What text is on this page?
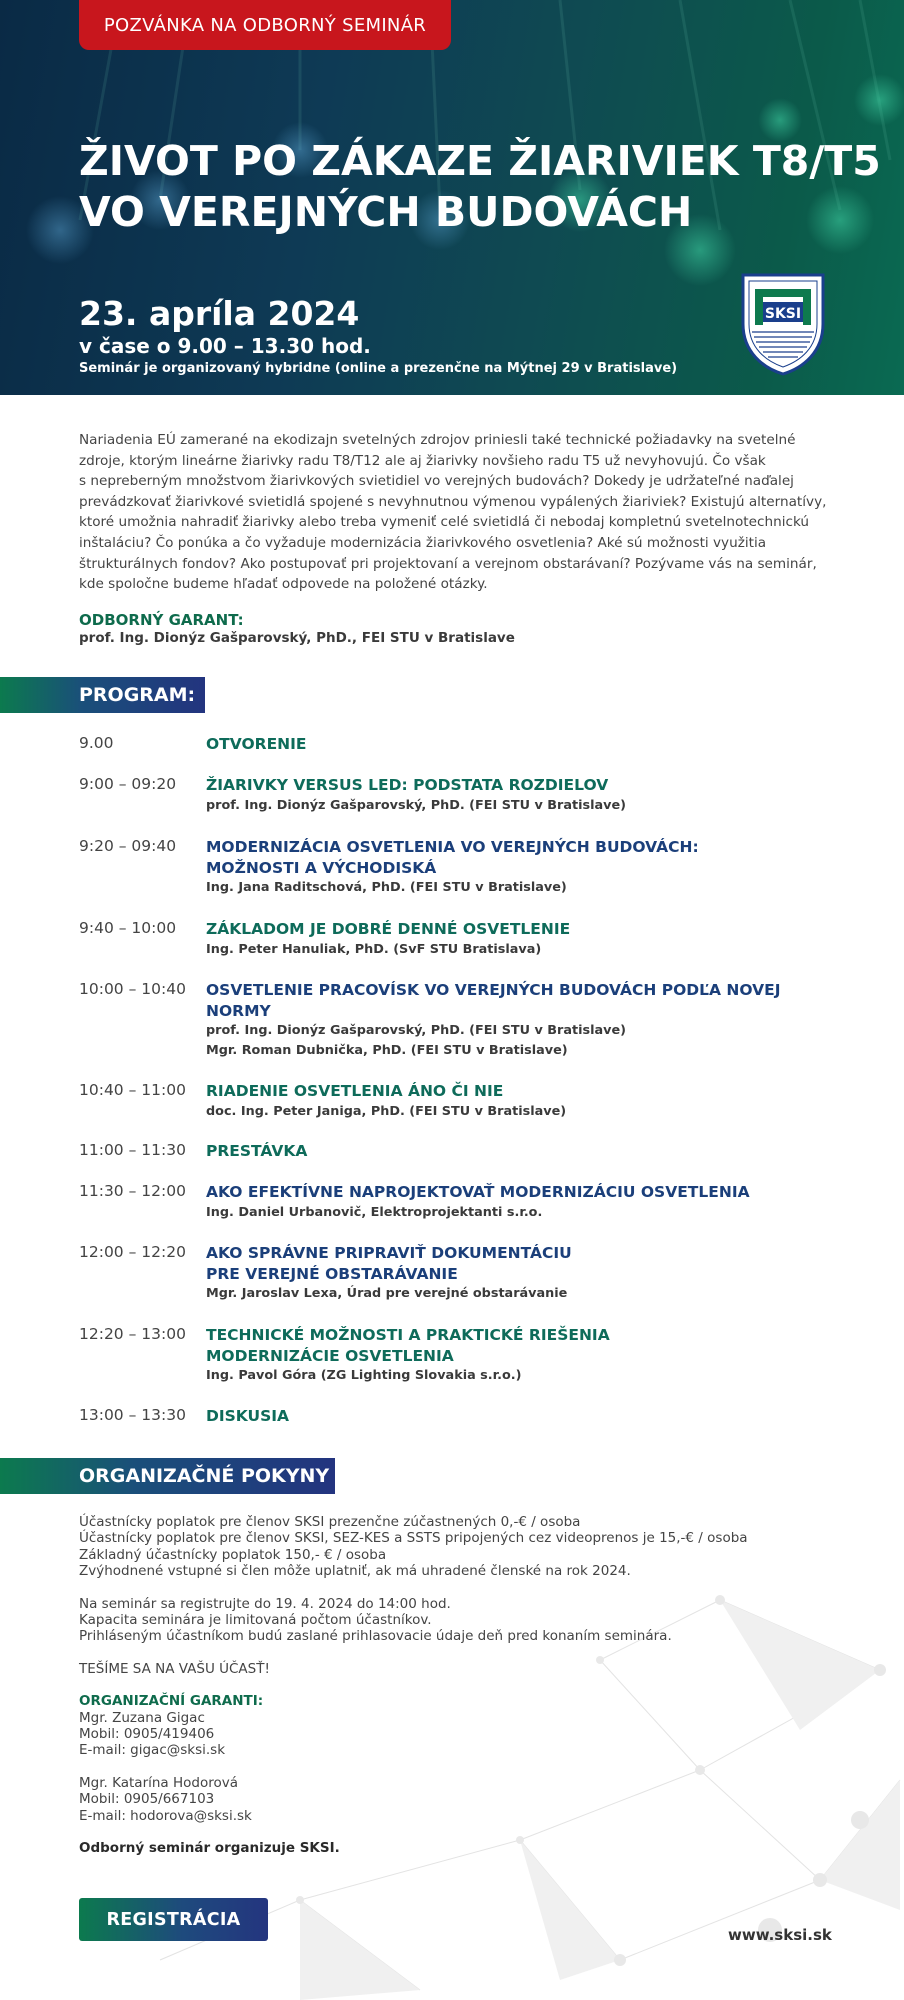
POZVÁNKA NA ODBORNÝ SEMINÁR
ŽIVOT PO ZÁKAZE ŽIARIVIEK T8/T5
VO VEREJNÝCH BUDOVÁCH
23. apríla 2024
v čase o 9.00 – 13.30 hod.
Seminár je organizovaný hybridne (online a prezenčne na Mýtnej 29 v Bratislave)
SKSI
Nariadenia EÚ zamerané na ekodizajn svetelných zdrojov priniesli také technické požiadavky na svetelné
zdroje, ktorým lineárne žiarivky radu T8/T12 ale aj žiarivky novšieho radu T5 už nevyhovujú. Čo však
s nepreberným množstvom žiarivkových svietidiel vo verejných budovách? Dokedy je udržateľné naďalej
prevádzkovať žiarivkové svietidlá spojené s nevyhnutnou výmenou vypálených žiariviek? Existujú alternatívy,
ktoré umožnia nahradiť žiarivky alebo treba vymeniť celé svietidlá či nebodaj kompletnú svetelnotechnickú
inštaláciu? Čo ponúka a čo vyžaduje modernizácia žiarivkového osvetlenia? Aké sú možnosti využitia
štrukturálnych fondov? Ako postupovať pri projektovaní a verejnom obstarávaní? Pozývame vás na seminár,
kde spoločne budeme hľadať odpovede na položené otázky.
ODBORNÝ GARANT:
prof. Ing. Dionýz Gašparovský, PhD., FEI STU v Bratislave
PROGRAM:
9.00	OTVORENIE
9:00 – 09:20 ŽIARIVKY VERSUS LED: PODSTATA ROZDIELOV
prof. Ing. Dionýz Gašparovský, PhD. (FEI STU v Bratislave)
9:20 – 09:40 MODERNIZÁCIA OSVETLENIA VO VEREJNÝCH BUDOVÁCH:
MOŽNOSTI A VÝCHODISKÁ
Ing. Jana Raditschová, PhD. (FEI STU v Bratislave)
9:40 – 10:00 ZÁKLADOM JE DOBRÉ DENNÉ OSVETLENIE
Ing. Peter Hanuliak, PhD. (SvF STU Bratislava)
10:00 – 10:40 OSVETLENIE PRACOVÍSK VO VEREJNÝCH BUDOVÁCH PODĽA NOVEJ
NORMY
prof. Ing. Dionýz Gašparovský, PhD. (FEI STU v Bratislave)
Mgr. Roman Dubnička, PhD. (FEI STU v Bratislave)
10:40 – 11:00 RIADENIE OSVETLENIA ÁNO ČI NIE
doc. Ing. Peter Janiga, PhD. (FEI STU v Bratislave)
11:00 – 11:30 PRESTÁVKA
11:30 – 12:00 AKO EFEKTÍVNE NAPROJEKTOVAŤ MODERNIZÁCIU OSVETLENIA
Ing. Daniel Urbanovič, Elektroprojektanti s.r.o.
12:00 – 12:20 AKO SPRÁVNE PRIPRAVIŤ DOKUMENTÁCIU
PRE VEREJNÉ OBSTARÁVANIE
Mgr. Jaroslav Lexa, Úrad pre verejné obstarávanie
12:20 – 13:00 TECHNICKÉ MOŽNOSTI A PRAKTICKÉ RIEŠENIA
MODERNIZÁCIE OSVETLENIA
Ing. Pavol Góra (ZG Lighting Slovakia s.r.o.)
13:00 – 13:30 DISKUSIA
ORGANIZAČNÉ POKYNY
Účastnícky poplatok pre členov SKSI prezenčne zúčastnených 0,-€ / osoba
Účastnícky poplatok pre členov SKSI, SEZ-KES a SSTS pripojených cez videoprenos je 15,-€ / osoba
Základný účastnícky poplatok 150,- € / osoba
Zvýhodnené vstupné si člen môže uplatniť, ak má uhradené členské na rok 2024.
Na seminár sa registrujte do 19. 4. 2024 do 14:00 hod.
Kapacita seminára je limitovaná počtom účastníkov.
Prihláseným účastníkom budú zaslané prihlasovacie údaje deň pred konaním seminára.
TEŠÍME SA NA VAŠU ÚČASŤ!
ORGANIZAČNÍ GARANTI:
Mgr. Zuzana Gigac
Mobil: 0905/419406
E-mail: gigac@sksi.sk
Mgr. Katarína Hodorová
Mobil: 0905/667103
E-mail: hodorova@sksi.sk
Odborný seminár organizuje SKSI.
REGISTRÁCIA
www.sksi.sk
